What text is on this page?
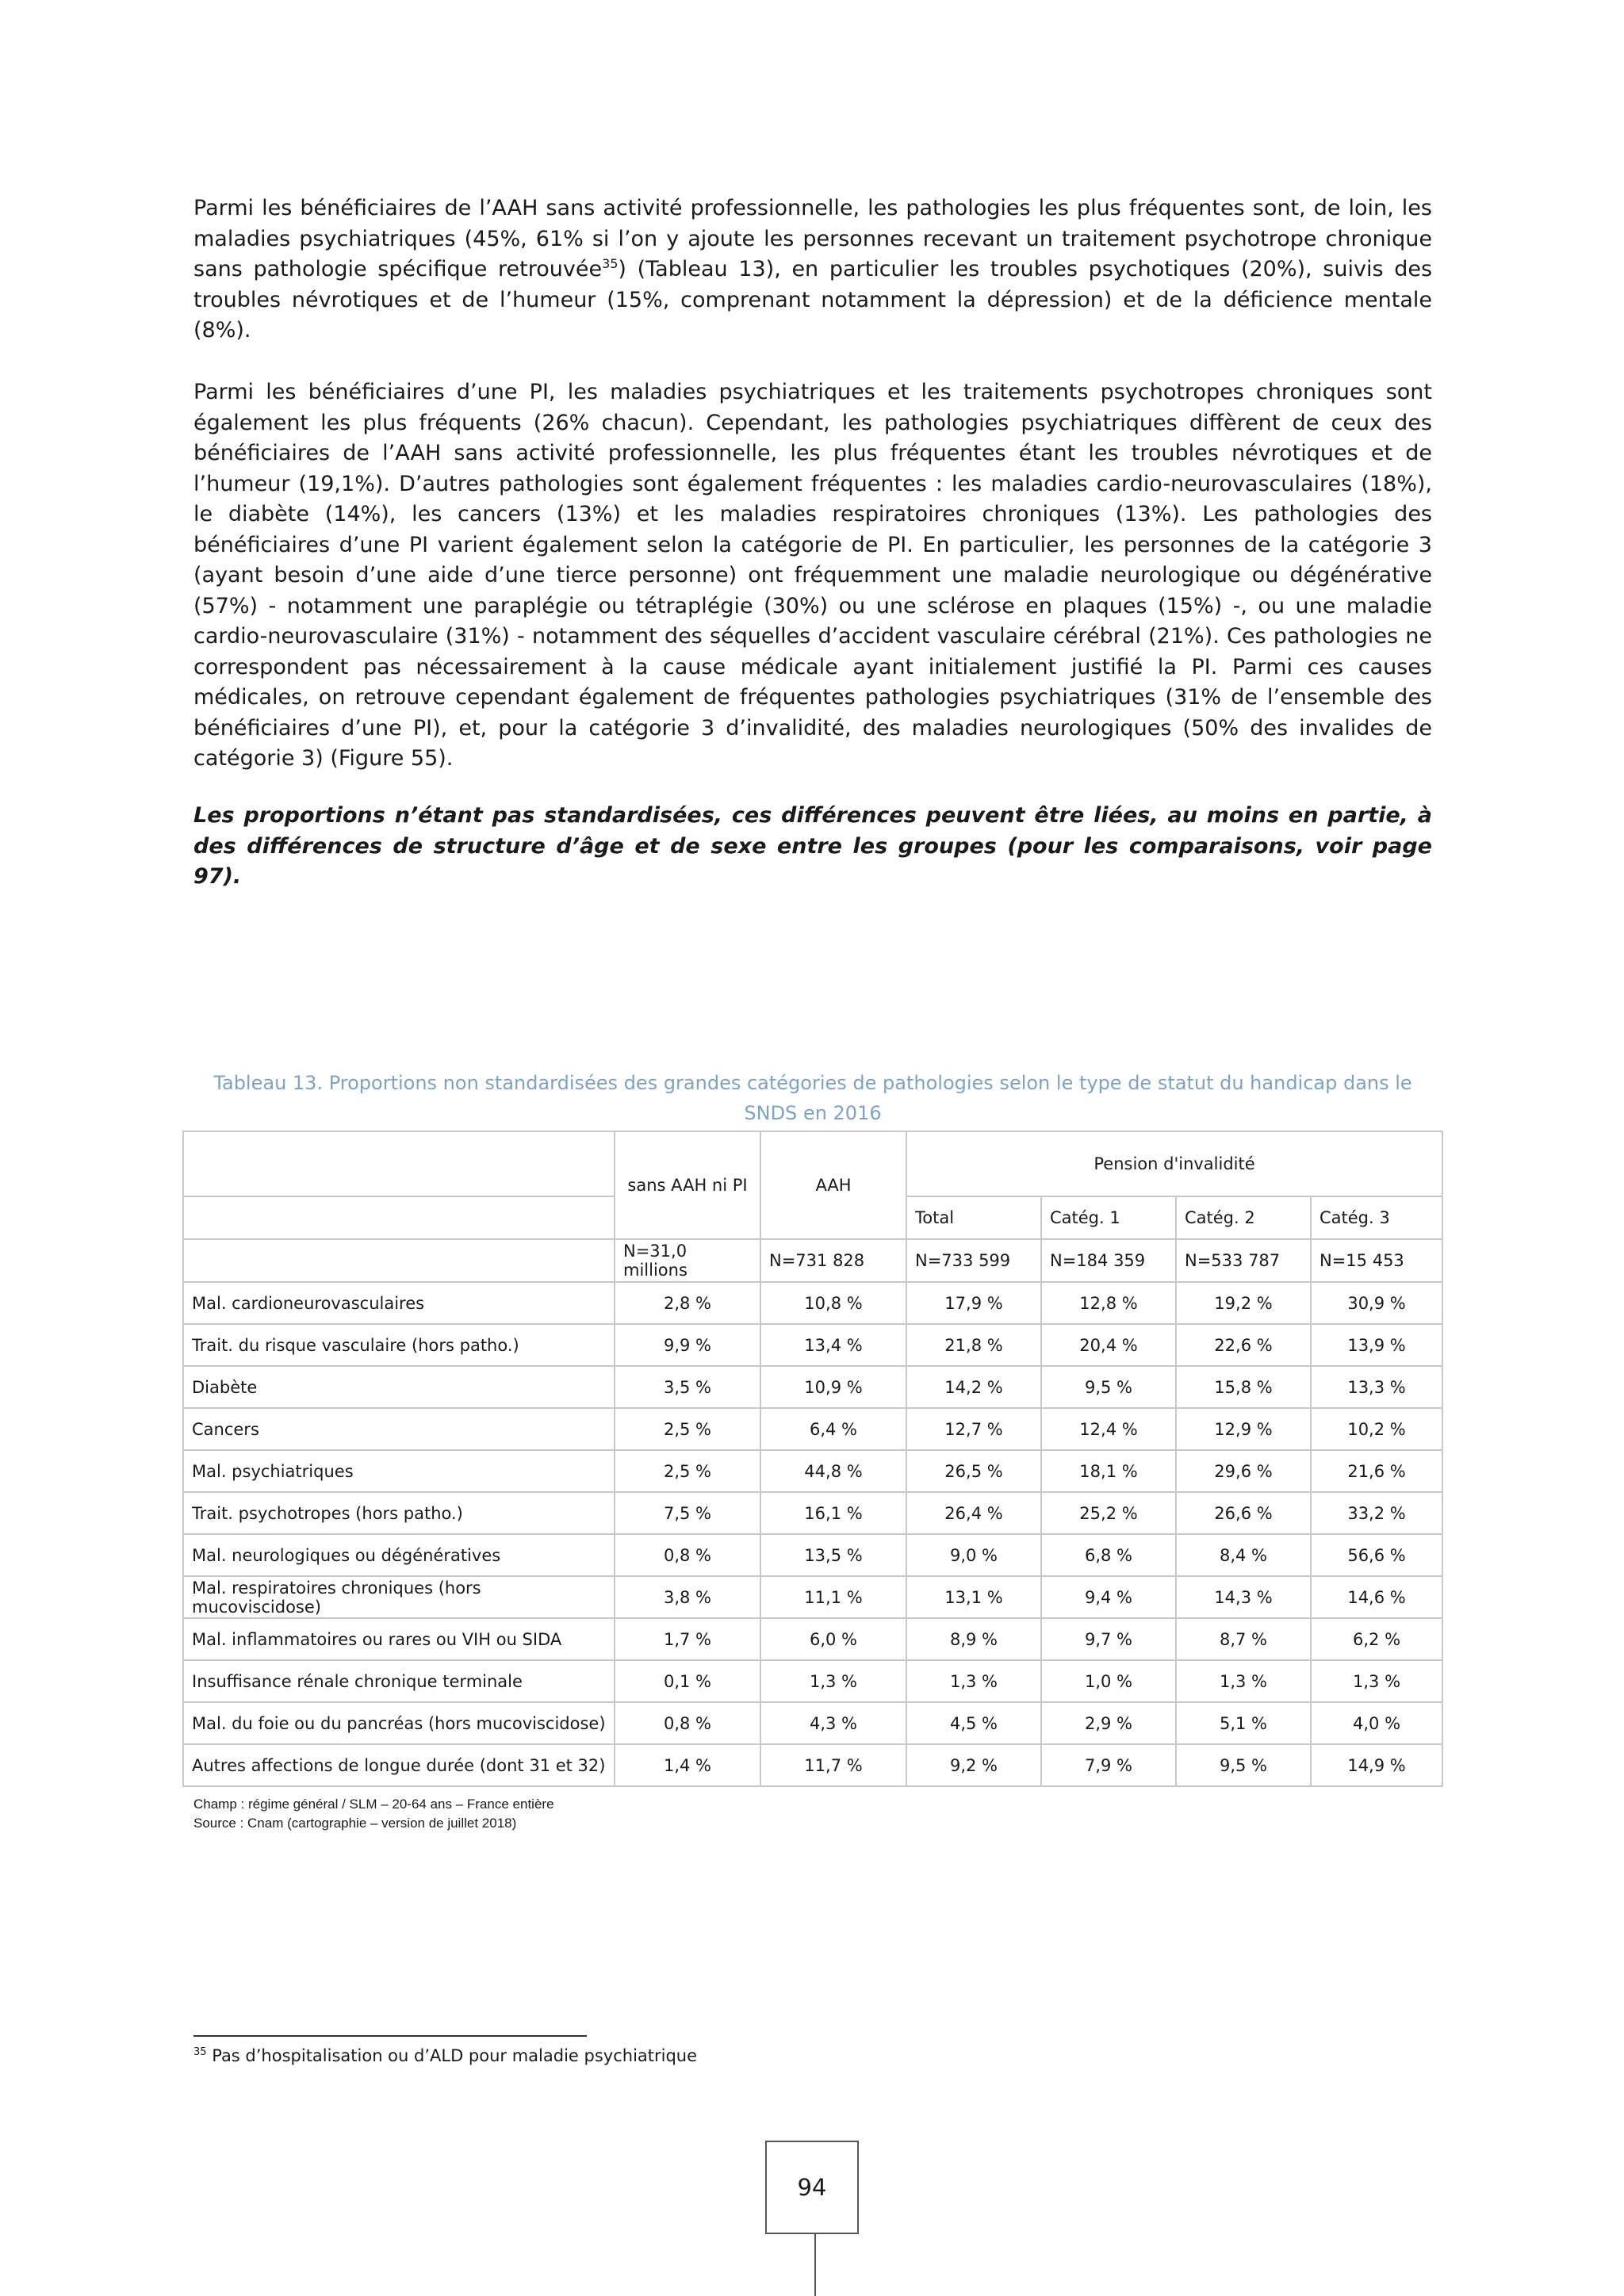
Parmi les bénéficiaires de l’AAH sans activité professionnelle, les pathologies les plus fréquentes sont, de loin, les maladies psychiatriques (45%, 61% si l’on y ajoute les personnes recevant un traitement psychotrope chronique sans pathologie spécifique retrouvée$^{35}$) (Tableau 13), en particulier les troubles psychotiques (20%), suivis des troubles névrotiques et de l’humeur (15%, comprenant notamment la dépression) et de la déficience mentale (8%).
Parmi les bénéficiaires d’une PI, les maladies psychiatriques et les traitements psychotropes chroniques sont également les plus fréquents (26% chacun). Cependant, les pathologies psychiatriques diffèrent de ceux des bénéficiaires de l’AAH sans activité professionnelle, les plus fréquentes étant les troubles névrotiques et de l’humeur (19,1%). D’autres pathologies sont également fréquentes : les maladies cardio-neurovasculaires (18%), le diabète (14%), les cancers (13%) et les maladies respiratoires chroniques (13%). Les pathologies des bénéficiaires d’une PI varient également selon la catégorie de PI. En particulier, les personnes de la catégorie 3 (ayant besoin d’une aide d’une tierce personne) ont fréquemment une maladie neurologique ou dégénérative (57%) - notamment une paraplégie ou tétraplégie (30%) ou une sclérose en plaques (15%) -, ou une maladie cardio-neurovasculaire (31%) - notamment des séquelles d’accident vasculaire cérébral (21%). Ces pathologies ne correspondent pas nécessairement à la cause médicale ayant initialement justifié la PI. Parmi ces causes médicales, on retrouve cependant également de fréquentes pathologies psychiatriques (31% de l’ensemble des bénéficiaires d’une PI), et, pour la catégorie 3 d’invalidité, des maladies neurologiques (50% des invalides de catégorie 3) (Figure 55).
Les proportions n’étant pas standardisées, ces différences peuvent être liées, au moins en partie, à des différences de structure d’âge et de sexe entre les groupes (pour les comparaisons, voir page 97).
Tableau 13. Proportions non standardisées des grandes catégories de pathologies selon le type de statut du handicap dans le
SNDS en 2016
	sans AAH ni PI	AAH	Pension d'invalidité			
			Total	Catég. 1	Catég. 2	Catég. 3
	N=31,0 millions	N=731 828	N=733 599	N=184 359	N=533 787	N=15 453
Mal. cardioneurovasculaires	2,8 %	10,8 %	17,9 %	12,8 %	19,2 %	30,9 %
Trait. du risque vasculaire (hors patho.)	9,9 %	13,4 %	21,8 %	20,4 %	22,6 %	13,9 %
Diabète	3,5 %	10,9 %	14,2 %	9,5 %	15,8 %	13,3 %
Cancers	2,5 %	6,4 %	12,7 %	12,4 %	12,9 %	10,2 %
Mal. psychiatriques	2,5 %	44,8 %	26,5 %	18,1 %	29,6 %	21,6 %
Trait. psychotropes (hors patho.)	7,5 %	16,1 %	26,4 %	25,2 %	26,6 %	33,2 %
Mal. neurologiques ou dégénératives	0,8 %	13,5 %	9,0 %	6,8 %	8,4 %	56,6 %
Mal. respiratoires chroniques (hors mucoviscidose)	3,8 %	11,1 %	13,1 %	9,4 %	14,3 %	14,6 %
Mal. inflammatoires ou rares ou VIH ou SIDA	1,7 %	6,0 %	8,9 %	9,7 %	8,7 %	6,2 %
Insuffisance rénale chronique terminale	0,1 %	1,3 %	1,3 %	1,0 %	1,3 %	1,3 %
Mal. du foie ou du pancréas (hors mucoviscidose)	0,8 %	4,3 %	4,5 %	2,9 %	5,1 %	4,0 %
Autres affections de longue durée (dont 31 et 32)	1,4 %	11,7 %	9,2 %	7,9 %	9,5 %	14,9 %
Champ : régime général / SLM – 20-64 ans – France entière
Source : Cnam (cartographie – version de juillet 2018)
$^{35}$ Pas d’hospitalisation ou d’ALD pour maladie psychiatrique
94
